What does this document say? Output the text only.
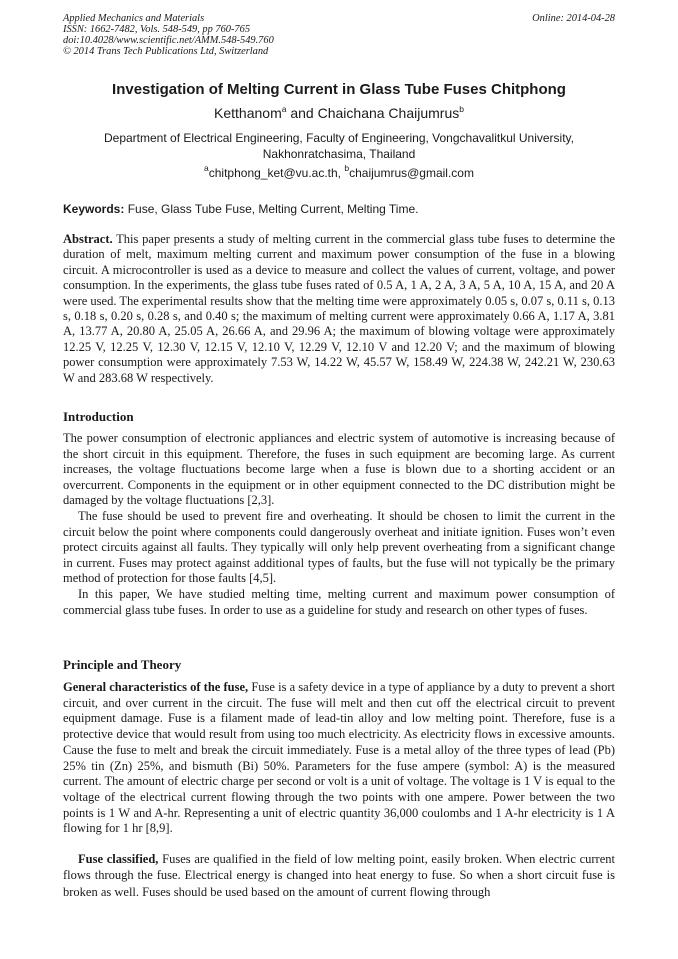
Applied Mechanics and Materials
ISSN: 1662-7482, Vols. 548-549, pp 760-765
doi:10.4028/www.scientific.net/AMM.548-549.760
© 2014 Trans Tech Publications Ltd, Switzerland
Online: 2014-04-28
Investigation of Melting Current in Glass Tube Fuses Chitphong
Ketthanom$^a$ and Chaichana Chaijumrus$^b$
Department of Electrical Engineering, Faculty of Engineering, Vongchavalitkul University, Nakhonratchasima, Thailand
$^a$chitphong_ket@vu.ac.th, $^b$chaijumrus@gmail.com
Keywords: Fuse, Glass Tube Fuse, Melting Current, Melting Time.

Abstract. This paper presents a study of melting current in the commercial glass tube fuses to determine the duration of melt, maximum melting current and maximum power consumption of the fuse in a blowing circuit. A microcontroller is used as a device to measure and collect the values of current, voltage, and power consumption. In the experiments, the glass tube fuses rated of 0.5 A, 1 A, 2 A, 3 A, 5 A, 10 A, 15 A, and 20 A were used. The experimental results show that the melting time were approximately 0.05 s, 0.07 s, 0.11 s, 0.13 s, 0.18 s, 0.20 s, 0.28 s, and 0.40 s; the maximum of melting current were approximately 0.66 A, 1.17 A, 3.81 A, 13.77 A, 20.80 A, 25.05 A, 26.66 A, and 29.96 A; the maximum of blowing voltage were approximately 12.25 V, 12.25 V, 12.30 V, 12.15 V, 12.10 V, 12.29 V, 12.10 V and 12.20 V; and the maximum of blowing power consumption were approximately 7.53 W, 14.22 W, 45.57 W, 158.49 W, 224.38 W, 242.21 W, 230.63 W and 283.68 W respectively.

Introduction

The power consumption of electronic appliances and electric system of automotive is increasing because of the short circuit in this equipment. Therefore, the fuses in such equipment are becoming large. As current increases, the voltage fluctuations become large when a fuse is blown due to a shorting accident or an overcurrent. Components in the equipment or in other equipment connected to the DC distribution might be damaged by the voltage fluctuations [2,3].

The fuse should be used to prevent fire and overheating. It should be chosen to limit the current in the circuit below the point where components could dangerously overheat and initiate ignition. Fuses won’t even protect circuits against all faults. They typically will only help prevent overheating from a significant change in current. Fuses may protect against additional types of faults, but the fuse will not typically be the primary method of protection for those faults [4,5].

In this paper, We have studied melting time, melting current and maximum power consumption of commercial glass tube fuses. In order to use as a guideline for study and research on other types of fuses.

Principle and Theory

General characteristics of the fuse, Fuse is a safety device in a type of appliance by a duty to prevent a short circuit, and over current in the circuit. The fuse will melt and then cut off the electrical circuit to prevent equipment damage. Fuse is a filament made of lead-tin alloy and low melting point. Therefore, fuse is a protective device that would result from using too much electricity. As electricity flows in excessive amounts. Cause the fuse to melt and break the circuit immediately. Fuse is a metal alloy of the three types of lead (Pb) 25% tin (Zn) 25%, and bismuth (Bi) 50%. Parameters for the fuse ampere (symbol: A) is the measured current. The amount of electric charge per second or volt is a unit of voltage. The voltage is 1 V is equal to the voltage of the electrical current flowing through the two points with one ampere. Power between the two points is 1 W and A-hr. Representing a unit of electric quantity 36,000 coulombs and 1 A-hr electricity is 1 A flowing for 1 hr [8,9].

Fuse classified, Fuses are qualified in the field of low melting point, easily broken. When electric current flows through the fuse. Electrical energy is changed into heat energy to fuse. So when a short circuit fuse is broken as well. Fuses should be used based on the amount of current flowing through
